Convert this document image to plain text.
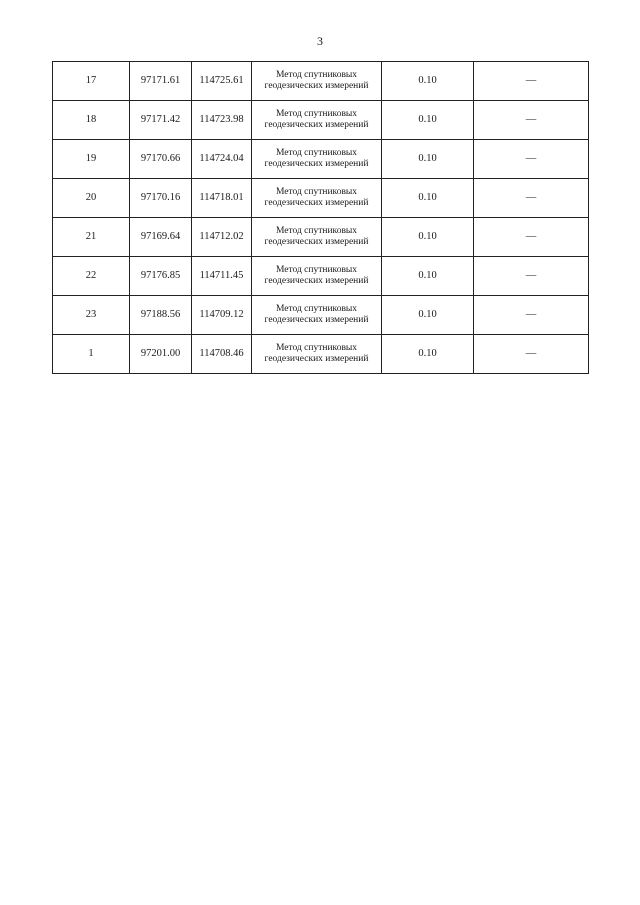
3
17	97171.61	114725.61	Метод спутниковых
геодезических измерений	0.10	—
18	97171.42	114723.98	Метод спутниковых
геодезических измерений	0.10	—
19	97170.66	114724.04	Метод спутниковых
геодезических измерений	0.10	—
20	97170.16	114718.01	Метод спутниковых
геодезических измерений	0.10	—
21	97169.64	114712.02	Метод спутниковых
геодезических измерений	0.10	—
22	97176.85	114711.45	Метод спутниковых
геодезических измерений	0.10	—
23	97188.56	114709.12	Метод спутниковых
геодезических измерений	0.10	—
1	97201.00	114708.46	Метод спутниковых
геодезических измерений	0.10	—
